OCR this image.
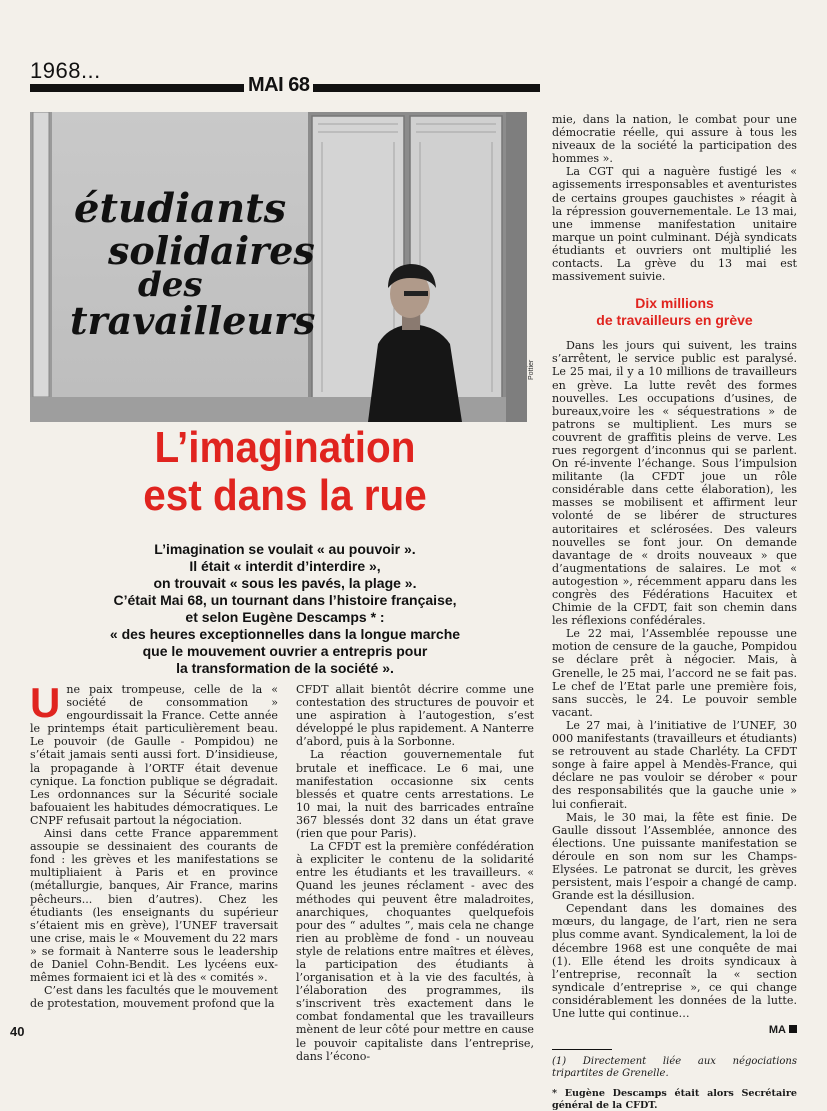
1968...
MAI 68
étudiants
solidaires
des
travailleurs
Pottier
L’imagination
est dans la rue
L’imagination se voulait « au pouvoir ».
Il était « interdit d’interdire »,
on trouvait « sous les pavés, la plage ».
C’était Mai 68, un tournant dans l’histoire française,
et selon Eugène Descamps * :
« des heures exceptionnelles dans la longue marche
que le mouvement ouvrier a entrepris pour
la transformation de la société ».

Une paix trompeuse, celle de la « société de consommation » engourdissait la France. Cette année le printemps était particulièrement beau. Le pouvoir (de Gaulle - Pompidou) ne s’était jamais senti aussi fort. D’insidieuse, la propagande à l’ORTF était devenue cynique. La fonction publique se dégradait. Les ordonnances sur la Sécurité sociale bafouaient les habitudes démocratiques. Le CNPF refusait partout la négociation.

Ainsi dans cette France apparemment assoupie se dessinaient des courants de fond : les grèves et les manifestations se multipliaient à Paris et en province (métallurgie, banques, Air France, marins pêcheurs... bien d’autres). Chez les étudiants (les enseignants du supérieur s’étaient mis en grève), l’UNEF traversait une crise, mais le « Mouvement du 22 mars » se formait à Nanterre sous le leadership de Daniel Cohn-Bendit. Les lycéens eux-mêmes formaient ici et là des « comités ».

C’est dans les facultés que le mouvement de protestation, mouvement profond que la

CFDT allait bientôt décrire comme une contestation des structures de pouvoir et une aspiration à l’autogestion, s’est développé le plus rapidement. A Nanterre d’abord, puis à la Sorbonne.

La réaction gouvernementale fut brutale et inefficace. Le 6 mai, une manifestation occasionne six cents blessés et quatre cents arrestations. Le 10 mai, la nuit des barricades entraîne 367 blessés dont 32 dans un état grave (rien que pour Paris).

La CFDT est la première confédération à expliciter le contenu de la solidarité entre les étudiants et les travailleurs. « Quand les jeunes réclament - avec des méthodes qui peuvent être maladroites, anarchiques, choquantes quelquefois pour des “ adultes ”, mais cela ne change rien au problème de fond - un nouveau style de relations entre maîtres et élèves, la participation des étudiants à l’organisation et à la vie des facultés, à l’élaboration des programmes, ils s’inscrivent très exactement dans le combat fondamental que les travailleurs mènent de leur côté pour mettre en cause le pouvoir capitaliste dans l’entreprise, dans l’écono-

mie, dans la nation, le combat pour une démocratie réelle, qui assure à tous les niveaux de la société la participation des hommes ».

La CGT qui a naguère fustigé les « agissements irresponsables et aventuristes de certains groupes gauchistes » réagit à la répression gouvernementale. Le 13 mai, une immense manifestation unitaire marque un point culminant. Déjà syndicats étudiants et ouvriers ont multiplié les contacts. La grève du 13 mai est massivement suivie.

Dix millions
de travailleurs en grève

Dans les jours qui suivent, les trains s’arrêtent, le service public est paralysé. Le 25 mai, il y a 10 millions de travailleurs en grève. La lutte revêt des formes nouvelles. Les occupations d’usines, de bureaux,voire les « séquestrations » de patrons se multiplient. Les murs se couvrent de graffitis pleins de verve. Les rues regorgent d’inconnus qui se parlent. On ré-invente l’échange. Sous l’impulsion militante (la CFDT joue un rôle considérable dans cette élaboration), les masses se mobilisent et affirment leur volonté de se libérer de structures autoritaires et sclérosées. Des valeurs nouvelles se font jour. On demande davantage de « droits nouveaux » que d’augmentations de salaires. Le mot « autogestion », récemment apparu dans les congrès des Fédérations Hacuitex et Chimie de la CFDT, fait son chemin dans les réflexions confédérales.

Le 22 mai, l’Assemblée repousse une motion de censure de la gauche, Pompidou se déclare prêt à négocier. Mais, à Grenelle, le 25 mai, l’accord ne se fait pas. Le chef de l’Etat parle une première fois, sans succès, le 24. Le pouvoir semble vacant.

Le 27 mai, à l’initiative de l’UNEF, 30 000 manifestants (travailleurs et étudiants) se retrouvent au stade Charléty. La CFDT songe à faire appel à Mendès-France, qui déclare ne pas vouloir se dérober « pour des responsabilités que la gauche unie » lui confierait.

Mais, le 30 mai, la fête est finie. De Gaulle dissout l’Assemblée, annonce des élections. Une puissante manifestation se déroule en son nom sur les Champs-Elysées. Le patronat se durcit, les grèves persistent, mais l’espoir a changé de camp. Grande est la désillusion.

Cependant dans les domaines des mœurs, du langage, de l’art, rien ne sera plus comme avant. Syndicalement, la loi de décembre 1968 est une conquête de mai (1). Elle étend les droits syndicaux à l’entreprise, reconnaît la « section syndicale d’entreprise », ce qui change considérablement les données de la lutte. Une lutte qui continue…

MA

(1) Directement liée aux négociations tripartites de Grenelle.

* Eugène Descamps était alors Secrétaire général de la CFDT.

40
